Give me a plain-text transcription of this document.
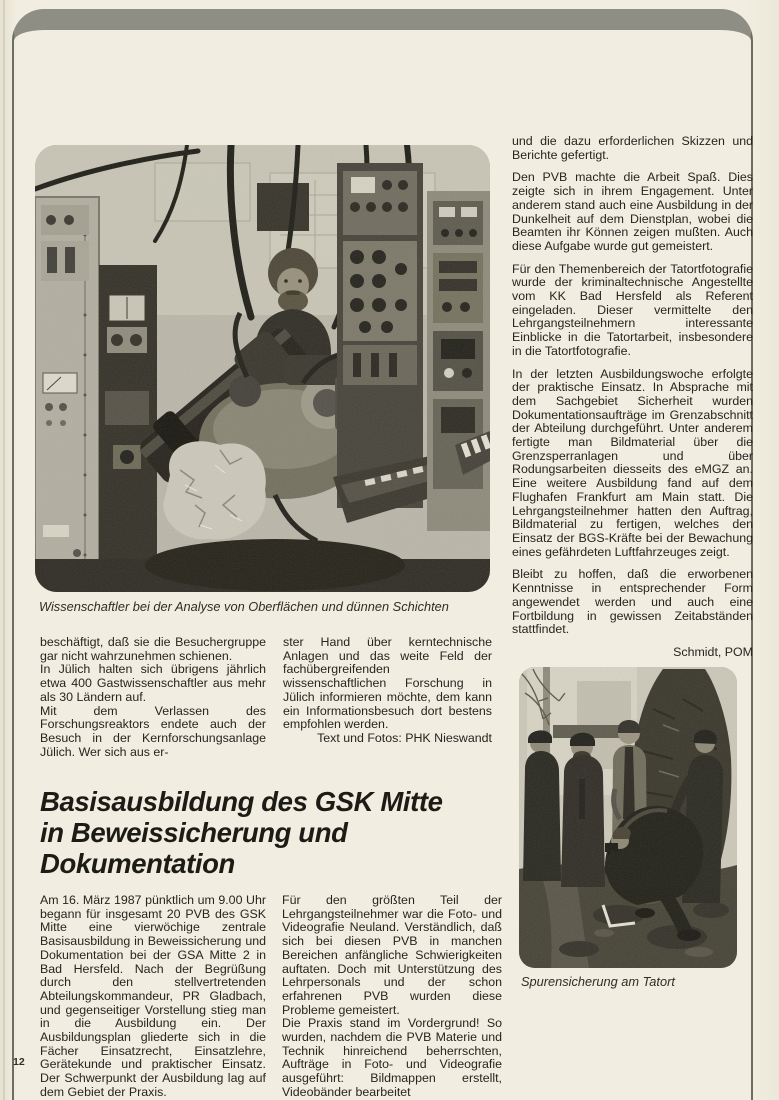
Wissenschaftler bei der Analyse von Oberflächen und dünnen Schichten

und die dazu erforderlichen Skizzen und Berichte gefertigt.

Den PVB machte die Arbeit Spaß. Dies zeigte sich in ihrem Engagement. Unter anderem stand auch eine Ausbildung in der Dunkelheit auf dem Dienstplan, wobei die Beamten ihr Können zeigen mußten. Auch diese Aufgabe wurde gut gemeistert.

Für den Themenbereich der Tatortfotografie wurde der kriminaltechnische Angestellte vom KK Bad Hersfeld als Referent eingeladen. Dieser vermittelte den Lehrgangsteilnehmern interessante Einblicke in die Tatortarbeit, insbesondere in die Tatortfotografie.

In der letzten Ausbildungswoche erfolgte der praktische Einsatz. In Absprache mit dem Sachgebiet Sicherheit wurden Dokumentationsaufträge im Grenzabschnitt der Abteilung durchgeführt. Unter anderem fertigte man Bildmaterial über die Grenzsperranlagen und über Rodungsarbeiten diesseits des eMGZ an. Eine weitere Ausbildung fand auf dem Flughafen Frankfurt am Main statt. Die Lehrgangsteilnehmer hatten den Auftrag, Bildmaterial zu fertigen, welches den Einsatz der BGS-Kräfte bei der Bewachung eines gefährdeten Luftfahrzeuges zeigt.

Bleibt zu hoffen, daß die erworbenen Kenntnisse in entsprechender Form angewendet werden und auch eine Fortbildung in gewissen Zeitabständen stattfindet.

Schmidt, POM

beschäftigt, daß sie die Besuchergruppe gar nicht wahrzunehmen schienen.

In Jülich halten sich übrigens jährlich etwa 400 Gastwissenschaftler aus mehr als 30 Ländern auf.

Mit dem Verlassen des Forschungsreaktors endete auch der Besuch in der Kernforschungsanlage Jülich. Wer sich aus er-

ster Hand über kerntechnische Anlagen und das weite Feld der fachübergreifenden wissenschaftlichen Forschung in Jülich informieren möchte, dem kann ein Informationsbesuch dort bestens empfohlen werden.

Text und Fotos: PHK Nieswandt

Basisausbildung des GSK Mitte
in Beweissicherung und
Dokumentation

Am 16. März 1987 pünktlich um 9.00 Uhr begann für insgesamt 20 PVB des GSK Mitte eine vierwöchige zentrale Basisausbildung in Beweissicherung und Dokumentation bei der GSA Mitte 2 in Bad Hersfeld. Nach der Begrüßung durch den stellvertretenden Abteilungskommandeur, PR Gladbach, und gegenseitiger Vorstellung stieg man in die Ausbildung ein. Der Ausbildungsplan gliederte sich in die Fächer Einsatzrecht, Einsatzlehre, Gerätekunde und praktischer Einsatz. Der Schwerpunkt der Ausbildung lag auf dem Gebiet der Praxis.

Für den größten Teil der Lehrgangsteilnehmer war die Foto- und Videografie Neuland. Verständlich, daß sich bei diesen PVB in manchen Bereichen anfängliche Schwierigkeiten auftaten. Doch mit Unterstützung des Lehrpersonals und der schon erfahrenen PVB wurden diese Probleme gemeistert.

Die Praxis stand im Vordergrund! So wurden, nachdem die PVB Materie und Technik hinreichend beherrschten, Aufträge in Foto- und Videografie ausgeführt: Bildmappen erstellt, Videobänder bearbeitet

Spurensicherung am Tatort
12
